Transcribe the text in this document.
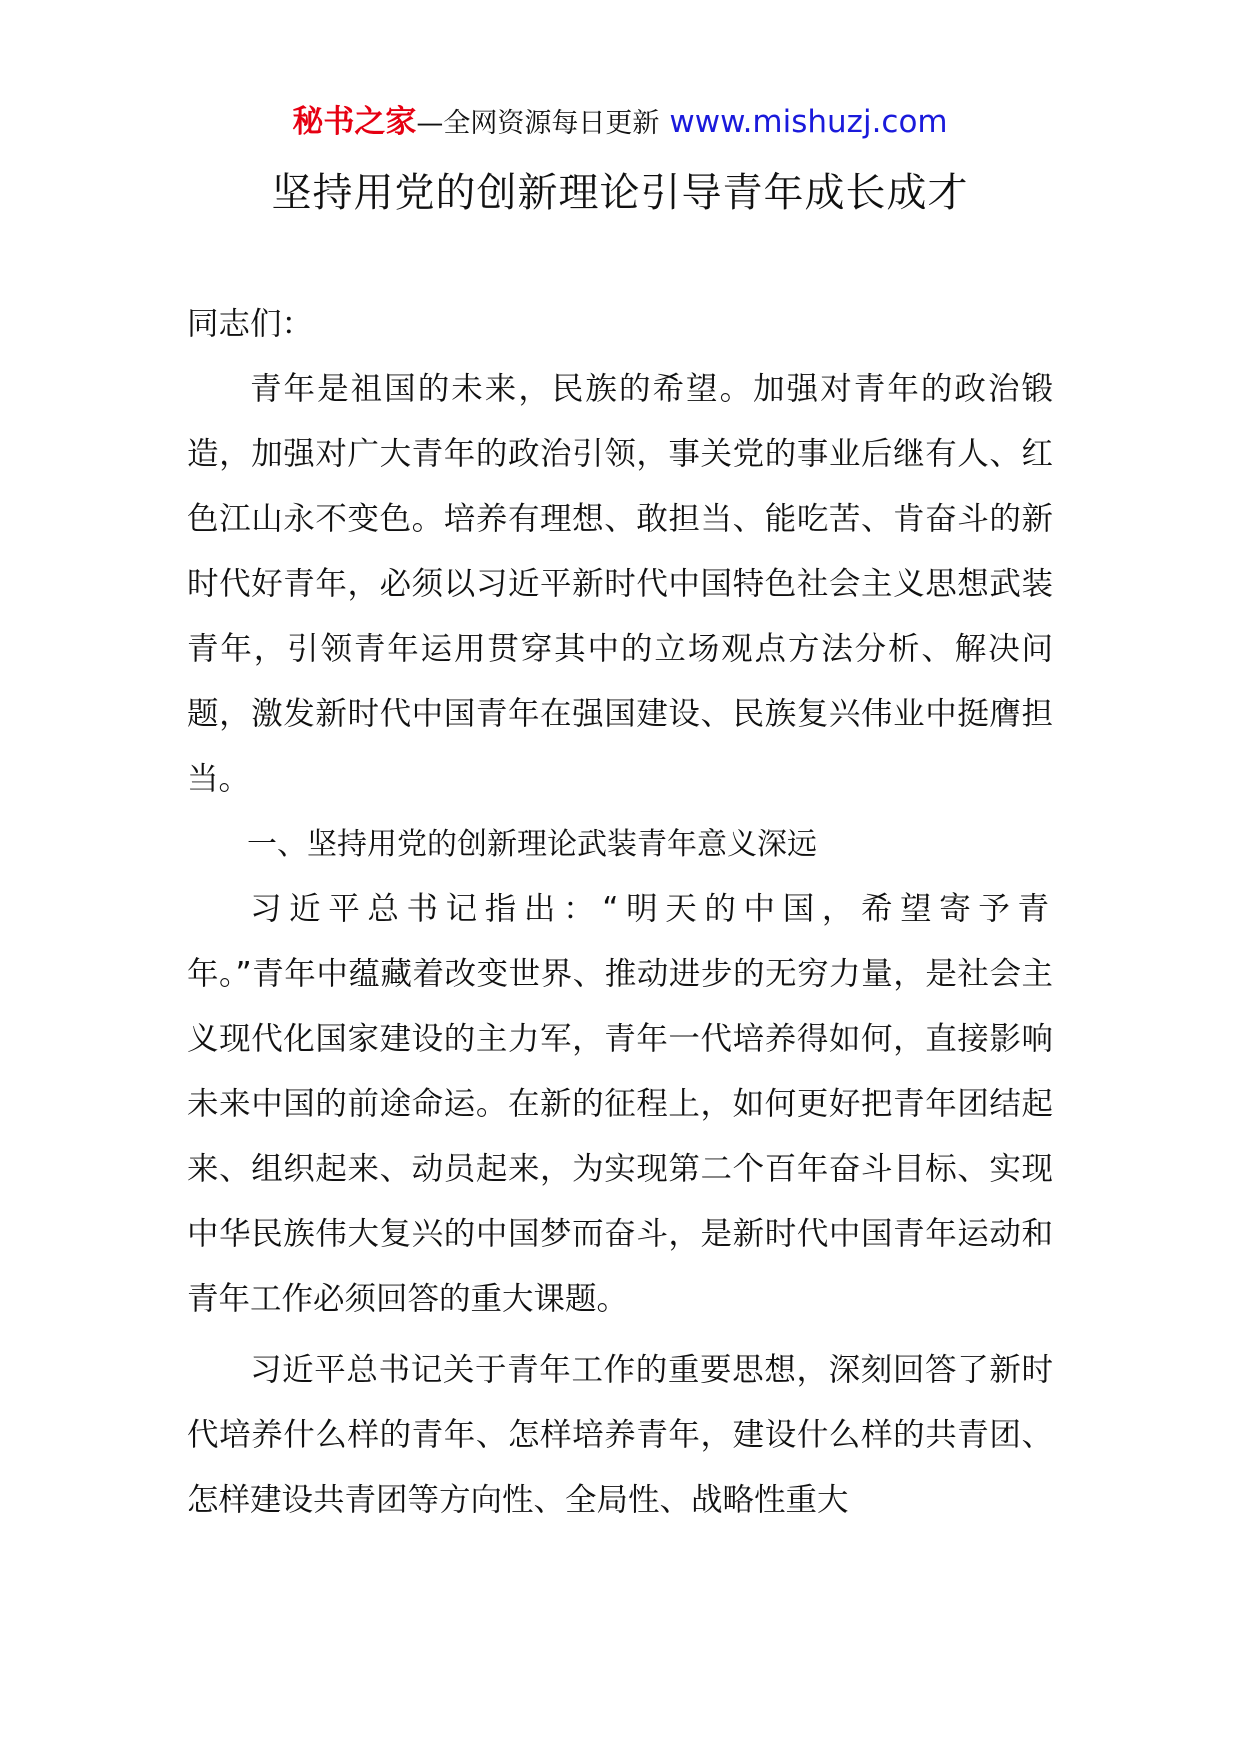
秘书之家—全网资源每日更新 www.mishuzj.com
坚持用党的创新理论引导青年成长成才

同志们：

青年是祖国的未来，民族的希望。加强对青年的政治锻造，加强对广大青年的政治引领，事关党的事业后继有人、红色江山永不变色。培养有理想、敢担当、能吃苦、肯奋斗的新时代好青年，必须以习近平新时代中国特色社会主义思想武装青年，引领青年运用贯穿其中的立场观点方法分析、解决问题，激发新时代中国青年在强国建设、民族复兴伟业中挺膺担当。

一、坚持用党的创新理论武装青年意义深远

习近平总书记指出：“明天的中国，希望寄予青年。”青年中蕴藏着改变世界、推动进步的无穷力量，是社会主义现代化国家建设的主力军，青年一代培养得如何，直接影响未来中国的前途命运。在新的征程上，如何更好把青年团结起来、组织起来、动员起来，为实现第二个百年奋斗目标、实现中华民族伟大复兴的中国梦而奋斗，是新时代中国青年运动和青年工作必须回答的重大课题。

习近平总书记关于青年工作的重要思想，深刻回答了新时代培养什么样的青年、怎样培养青年，建设什么样的共青团、怎样建设共青团等方向性、全局性、战略性重大
